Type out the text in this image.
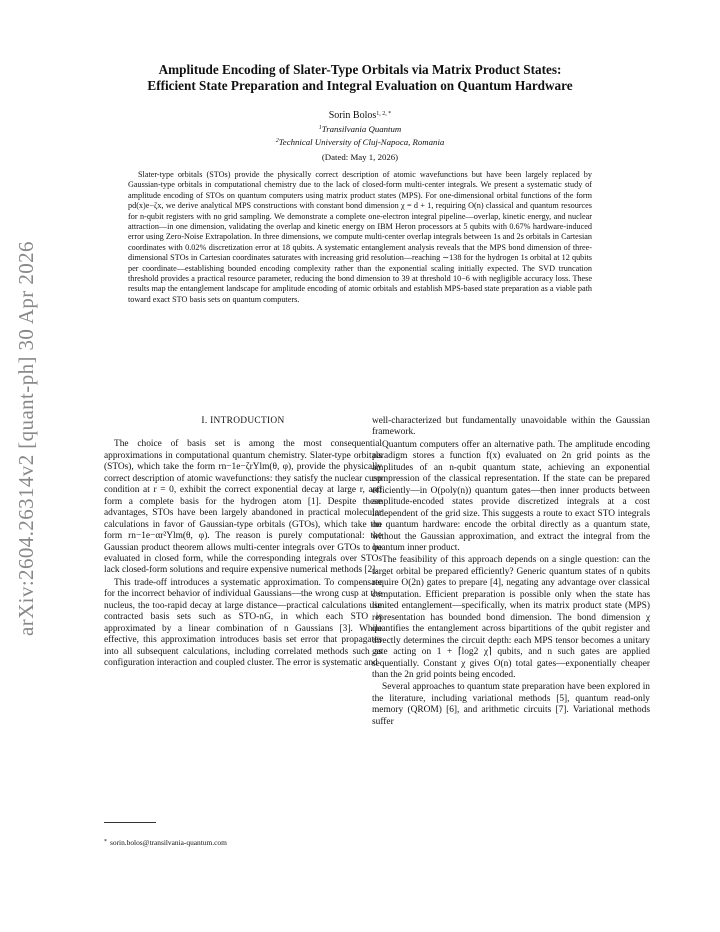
arXiv:2604.26314v2 [quant-ph] 30 Apr 2026
Amplitude Encoding of Slater-Type Orbitals via Matrix Product States:
Efficient State Preparation and Integral Evaluation on Quantum Hardware
Sorin Bolos$^{1, 2, *}$
$^1$Transilvania Quantum
$^2$Technical University of Cluj-Napoca, Romania
(Dated: May 1, 2026)
Slater-type orbitals (STOs) provide the physically correct description of atomic wavefunctions but have been largely replaced by Gaussian-type orbitals in computational chemistry due to the lack of closed-form multi-center integrals. We present a systematic study of amplitude encoding of STOs on quantum computers using matrix product states (MPS). For one-dimensional orbital functions of the form pd(x)e−ζx, we derive analytical MPS constructions with constant bond dimension χ = d + 1, requiring O(n) classical and quantum resources for n-qubit registers with no grid sampling. We demonstrate a complete one-electron integral pipeline—overlap, kinetic energy, and nuclear attraction—in one dimension, validating the overlap and kinetic energy on IBM Heron processors at 5 qubits with 0.67% hardware-induced error using Zero-Noise Extrapolation. In three dimensions, we compute multi-center overlap integrals between 1s and 2s orbitals in Cartesian coordinates with 0.02% discretization error at 18 qubits. A systematic entanglement analysis reveals that the MPS bond dimension of three-dimensional STOs in Cartesian coordinates saturates with increasing grid resolution—reaching ∼138 for the hydrogen 1s orbital at 12 qubits per coordinate—establishing bounded encoding complexity rather than the exponential scaling initially expected. The SVD truncation threshold provides a practical resource parameter, reducing the bond dimension to 39 at threshold 10−6 with negligible accuracy loss. These results map the entanglement landscape for amplitude encoding of atomic orbitals and establish MPS-based state preparation as a viable path toward exact STO basis sets on quantum computers.
I. INTRODUCTION

The choice of basis set is among the most consequential approximations in computational quantum chemistry. Slater-type orbitals (STOs), which take the form rn−1e−ζrYlm(θ, φ), provide the physically correct description of atomic wavefunctions: they satisfy the nuclear cusp condition at r = 0, exhibit the correct exponential decay at large r, and form a complete basis for the hydrogen atom [1]. Despite these advantages, STOs have been largely abandoned in practical molecular calculations in favor of Gaussian-type orbitals (GTOs), which take the form rn−1e−αr²Ylm(θ, φ). The reason is purely computational: the Gaussian product theorem allows multi-center integrals over GTOs to be evaluated in closed form, while the corresponding integrals over STOs lack closed-form solutions and require expensive numerical methods [2].

This trade-off introduces a systematic approximation. To compensate for the incorrect behavior of individual Gaussians—the wrong cusp at the nucleus, the too-rapid decay at large distance—practical calculations use contracted basis sets such as STO-nG, in which each STO is approximated by a linear combination of n Gaussians [3]. While effective, this approximation introduces basis set error that propagates into all subsequent calculations, including correlated methods such as configuration interaction and coupled cluster. The error is systematic and

well-characterized but fundamentally unavoidable within the Gaussian framework.

Quantum computers offer an alternative path. The amplitude encoding paradigm stores a function f(x) evaluated on 2n grid points as the amplitudes of an n-qubit quantum state, achieving an exponential compression of the classical representation. If the state can be prepared efficiently—in O(poly(n)) quantum gates—then inner products between amplitude-encoded states provide discretized integrals at a cost independent of the grid size. This suggests a route to exact STO integrals on quantum hardware: encode the orbital directly as a quantum state, without the Gaussian approximation, and extract the integral from the quantum inner product.

The feasibility of this approach depends on a single question: can the target orbital be prepared efficiently? Generic quantum states of n qubits require O(2n) gates to prepare [4], negating any advantage over classical computation. Efficient preparation is possible only when the state has limited entanglement—specifically, when its matrix product state (MPS) representation has bounded bond dimension. The bond dimension χ quantifies the entanglement across bipartitions of the qubit register and directly determines the circuit depth: each MPS tensor becomes a unitary gate acting on 1 + ⌈log2 χ⌉ qubits, and n such gates are applied sequentially. Constant χ gives O(n) total gates—exponentially cheaper than the 2n grid points being encoded.

Several approaches to quantum state preparation have been explored in the literature, including variational methods [5], quantum read-only memory (QROM) [6], and arithmetic circuits [7]. Variational methods suffer

* sorin.bolos@transilvania-quantum.com
